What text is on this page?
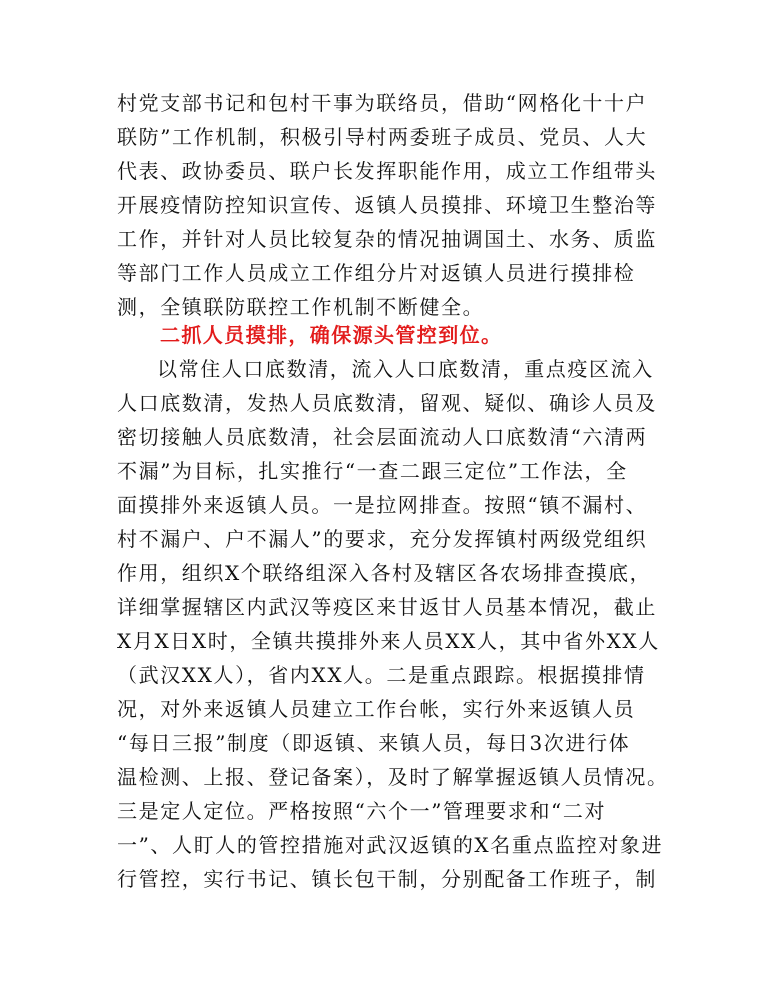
村党支部书记和包村干事为联络员，借助“网格化十十户
联防”工作机制，积极引导村两委班子成员、党员、人大
代表、政协委员、联户长发挥职能作用，成立工作组带头
开展疫情防控知识宣传、返镇人员摸排、环境卫生整治等
工作，并针对人员比较复杂的情况抽调国土、水务、质监
等部门工作人员成立工作组分片对返镇人员进行摸排检
测，全镇联防联控工作机制不断健全。
二抓人员摸排，确保源头管控到位。
以常住人口底数清，流入人口底数清，重点疫区流入
人口底数清，发热人员底数清，留观、疑似、确诊人员及
密切接触人员底数清，社会层面流动人口底数清“六清两
不漏”为目标，扎实推行“一查二跟三定位”工作法，全
面摸排外来返镇人员。一是拉网排查。按照“镇不漏村、
村不漏户、户不漏人”的要求，充分发挥镇村两级党组织
作用，组织X个联络组深入各村及辖区各农场排查摸底，
详细掌握辖区内武汉等疫区来甘返甘人员基本情况，截止
X月X日X时，全镇共摸排外来人员XX人，其中省外XX人
（武汉XX人），省内XX人。二是重点跟踪。根据摸排情
况，对外来返镇人员建立工作台帐，实行外来返镇人员
“每日三报”制度（即返镇、来镇人员，每日3次进行体
温检测、上报、登记备案），及时了解掌握返镇人员情况。
三是定人定位。严格按照“六个一”管理要求和“二对
一”、人盯人的管控措施对武汉返镇的X名重点监控对象进
行管控，实行书记、镇长包干制，分别配备工作班子，制
